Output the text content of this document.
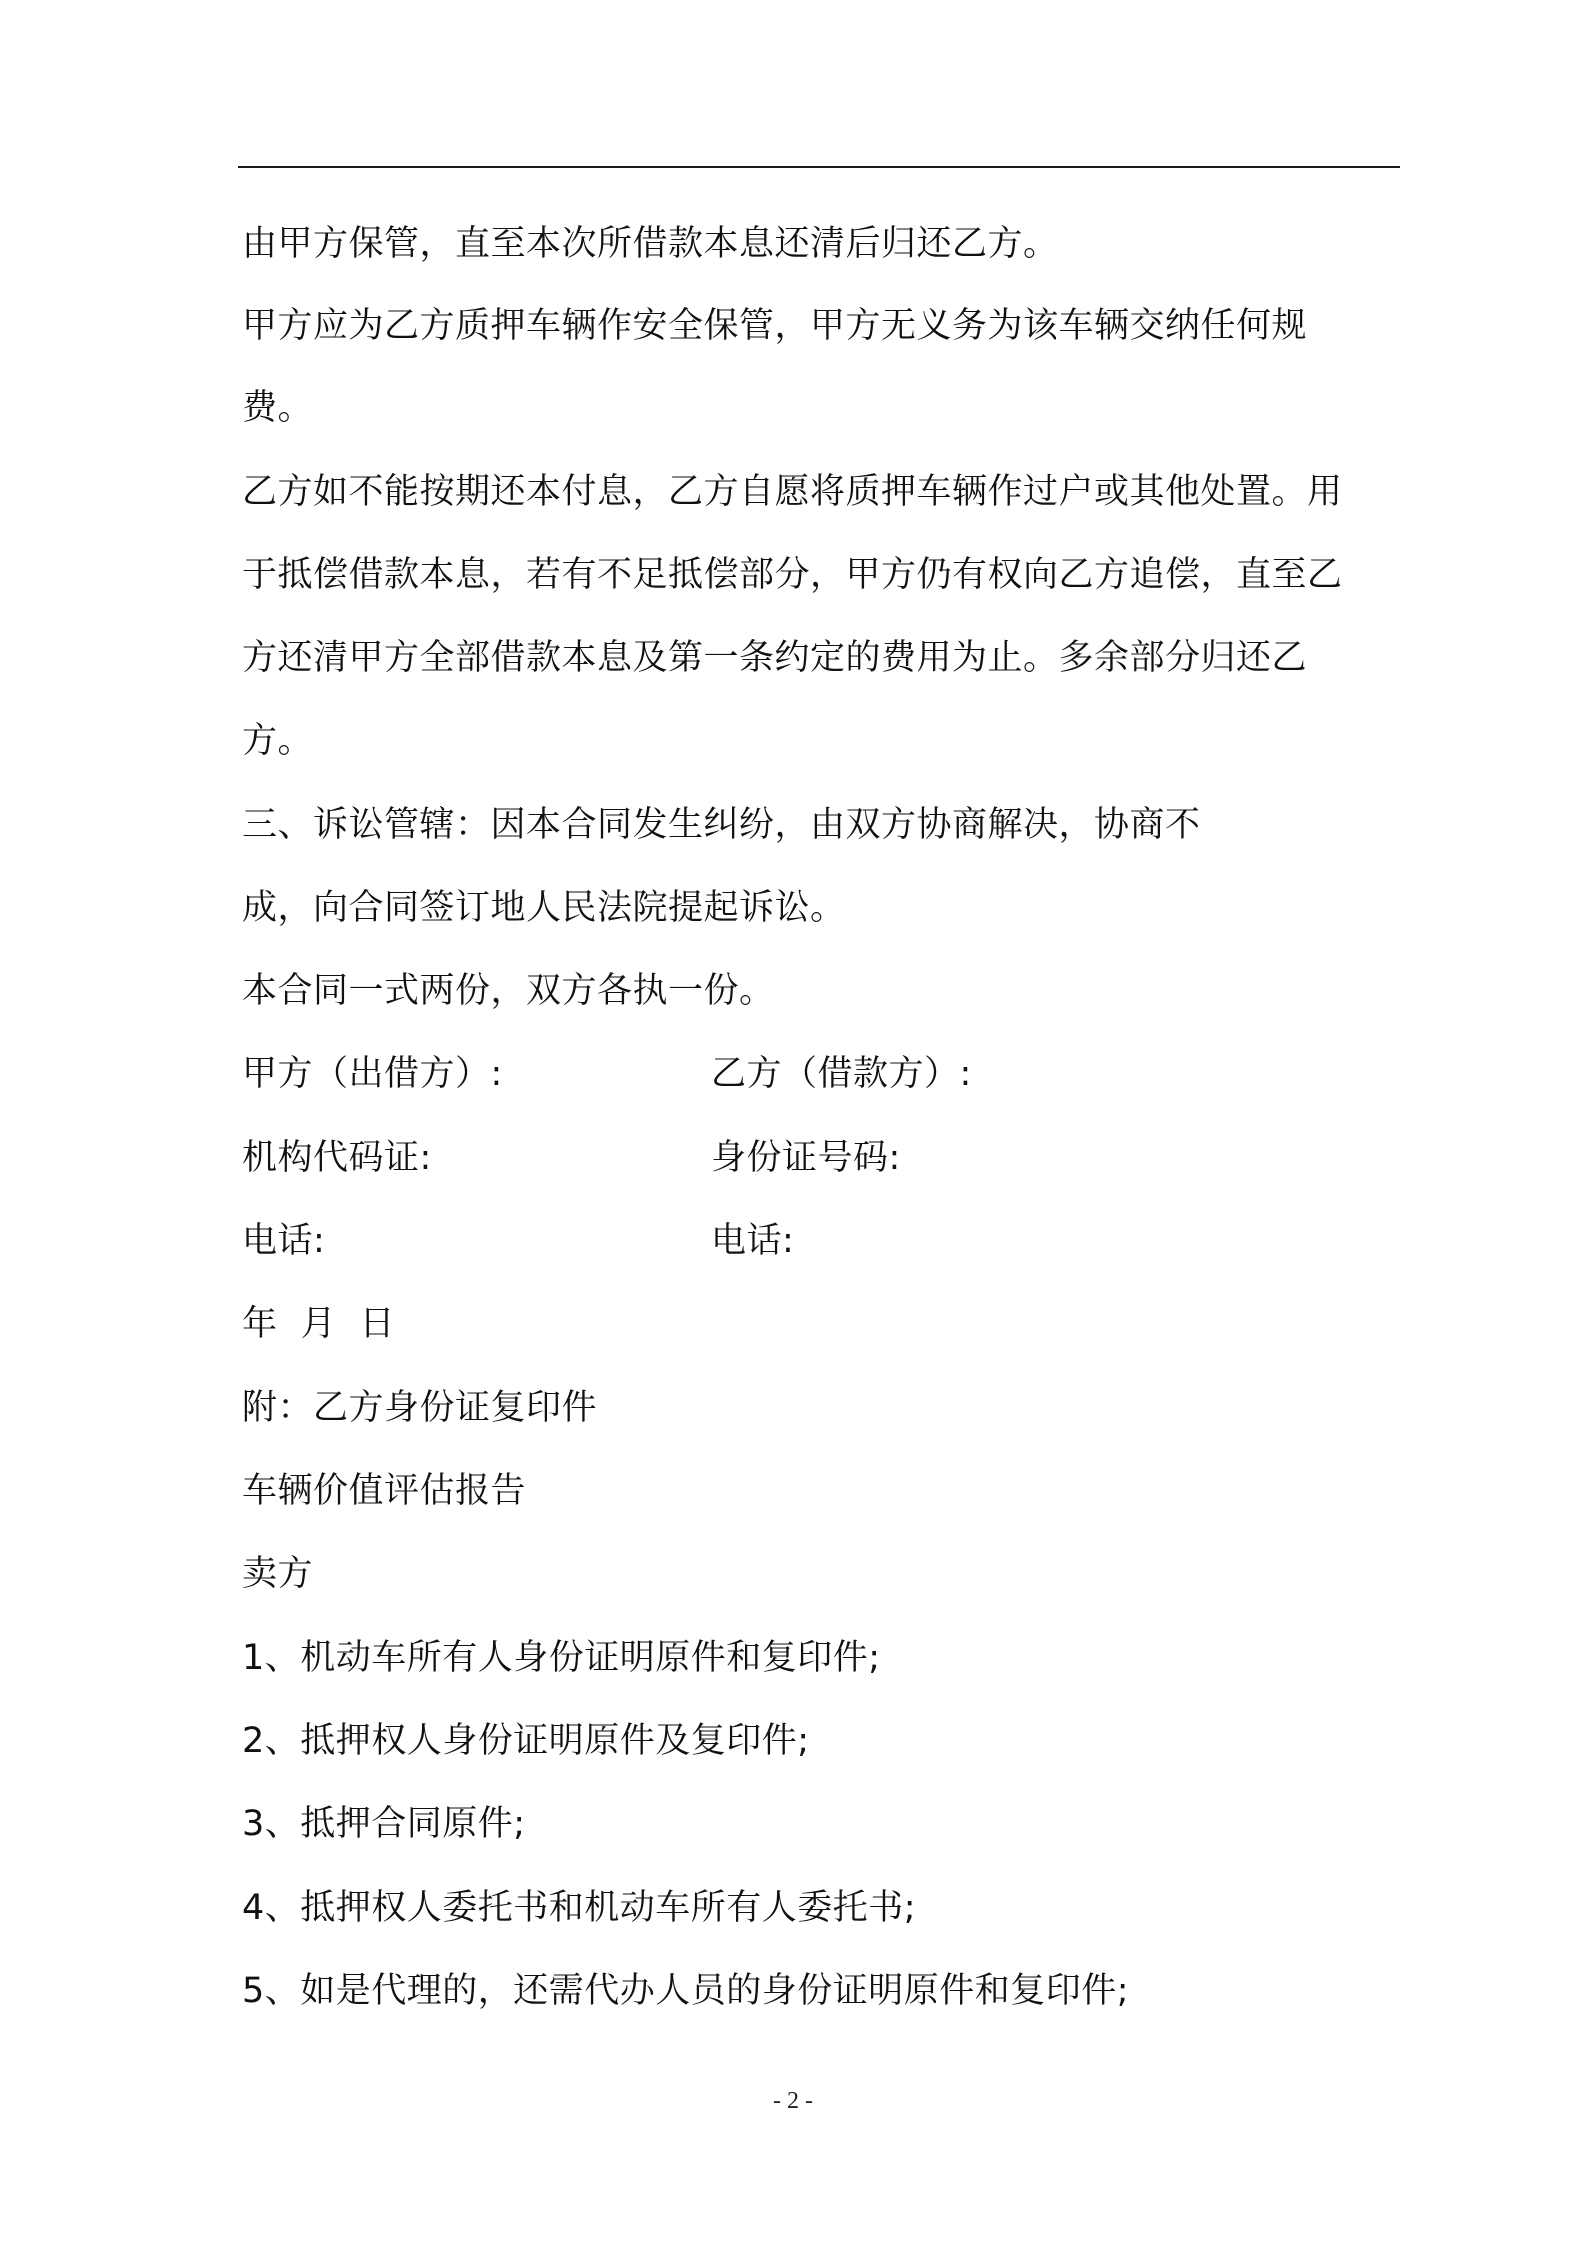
由甲方保管，直至本次所借款本息还清后归还乙方。
甲方应为乙方质押车辆作安全保管，甲方无义务为该车辆交纳任何规
费。
乙方如不能按期还本付息，乙方自愿将质押车辆作过户或其他处置。用
于抵偿借款本息，若有不足抵偿部分，甲方仍有权向乙方追偿，直至乙
方还清甲方全部借款本息及第一条约定的费用为止。多余部分归还乙
方。
三、诉讼管辖：因本合同发生纠纷，由双方协商解决，协商不
成，向合同签订地人民法院提起诉讼。
本合同一式两份，双方各执一份。
甲方（出借方）:	乙方（借款方）:
机构代码证:	身份证号码:
电话:	电话:
年  月  日
附：乙方身份证复印件
车辆价值评估报告
卖方
1、机动车所有人身份证明原件和复印件;
2、抵押权人身份证明原件及复印件;
3、抵押合同原件;
4、抵押权人委托书和机动车所有人委托书;
5、如是代理的，还需代办人员的身份证明原件和复印件;
- 2 -
